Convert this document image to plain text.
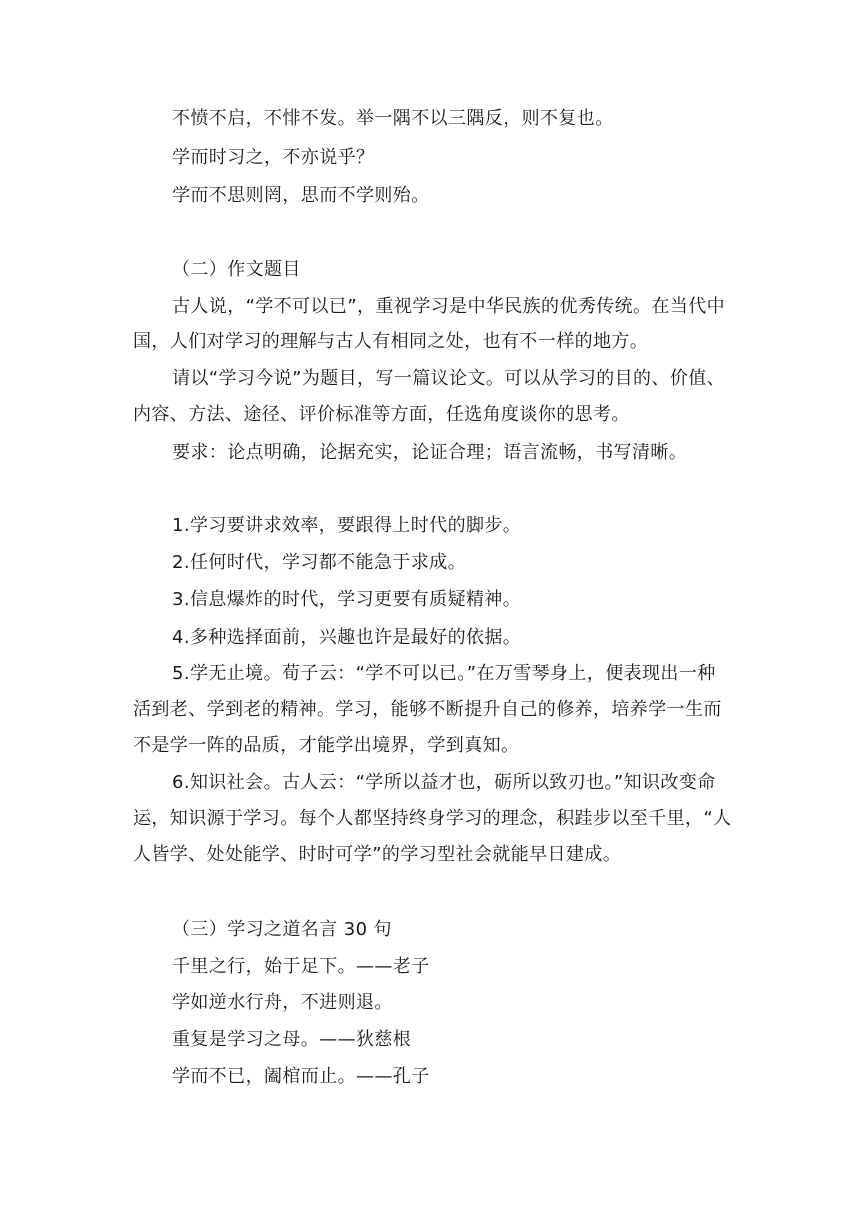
不愤不启，不悱不发。举一隅不以三隅反，则不复也。
学而时习之，不亦说乎？
学而不思则罔，思而不学则殆。
（二）作文题目
古人说，“学不可以已”，重视学习是中华民族的优秀传统。在当代中
国，人们对学习的理解与古人有相同之处，也有不一样的地方。
请以“学习今说”为题目，写一篇议论文。可以从学习的目的、价值、
内容、方法、途径、评价标准等方面，任选角度谈你的思考。
要求：论点明确，论据充实，论证合理；语言流畅，书写清晰。
1.学习要讲求效率，要跟得上时代的脚步。
2.任何时代，学习都不能急于求成。
3.信息爆炸的时代，学习更要有质疑精神。
4.多种选择面前，兴趣也许是最好的依据。
5.学无止境。荀子云：“学不可以已。”在万雪琴身上，便表现出一种
活到老、学到老的精神。学习，能够不断提升自己的修养，培养学一生而
不是学一阵的品质，才能学出境界，学到真知。
6.知识社会。古人云：“学所以益才也，砺所以致刃也。”知识改变命
运，知识源于学习。每个人都坚持终身学习的理念，积跬步以至千里，“人
人皆学、处处能学、时时可学”的学习型社会就能早日建成。
（三）学习之道名言 30 句
千里之行，始于足下。——老子
学如逆水行舟，不进则退。
重复是学习之母。——狄慈根
学而不已，阖棺而止。——孔子
